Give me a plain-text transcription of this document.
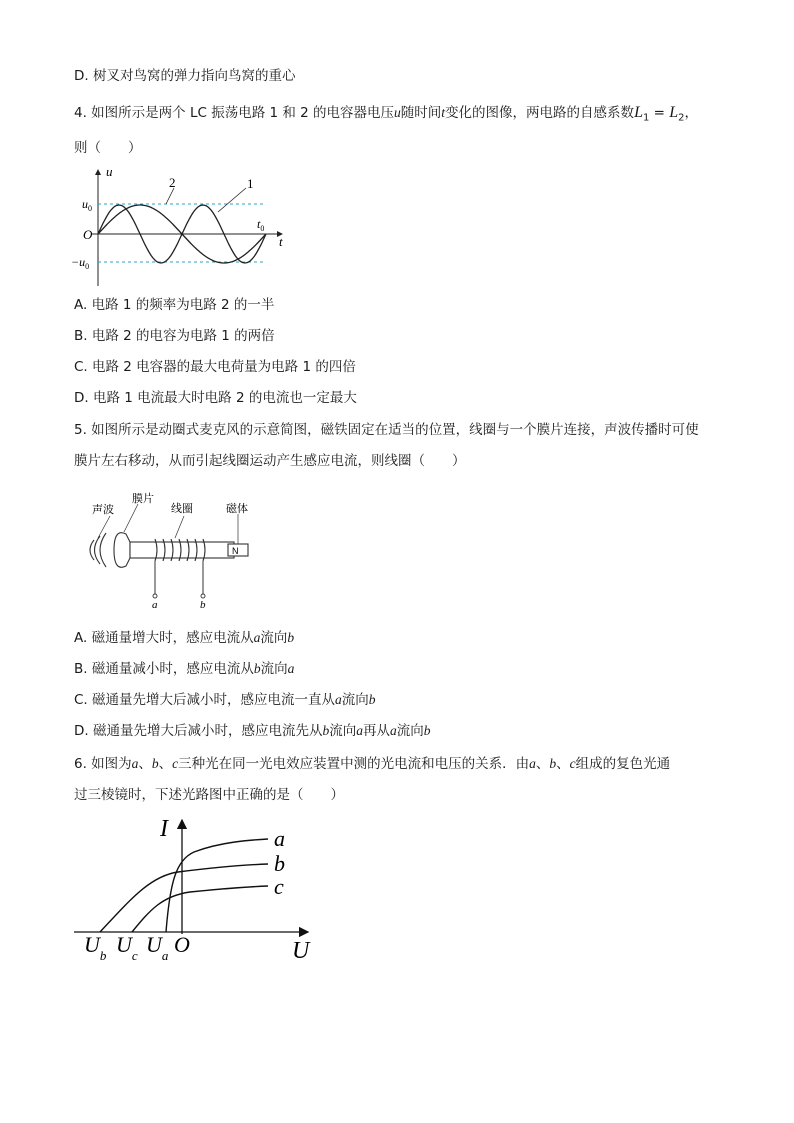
D. 树叉对鸟窝的弹力指向鸟窝的重心
4. 如图所示是两个 LC 振荡电路 1 和 2 的电容器电压u随时间t变化的图像，两电路的自感系数$L_1 = L_2$，
则（　　）
u
t
O
$u_0$
$-u_0$
$t_0$
1
2
A. 电路 1 的频率为电路 2 的一半
B. 电路 2 的电容为电路 1 的两倍
C. 电路 2 电容器的最大电荷量为电路 1 的四倍
D. 电路 1 电流最大时电路 2 的电流也一定最大
5. 如图所示是动圈式麦克风的示意简图，磁铁固定在适当的位置，线圈与一个膜片连接，声波传播时可使
膜片左右移动，从而引起线圈运动产生感应电流，则线圈（　　）
声波
膜片
线圈	磁体
N
a	b
A. 磁通量增大时，感应电流从a流向b
B. 磁通量减小时，感应电流从b流向a
C. 磁通量先增大后减小时，感应电流一直从a流向b
D. 磁通量先增大后减小时，感应电流先从b流向a再从a流向b
6. 如图为a、b、c三种光在同一光电效应装置中测的光电流和电压的关系．由a、b、c组成的复色光通
过三棱镜时，下述光路图中正确的是（　　）
I
U
O
$U_b$ $U_c$ $U_a$
a
b
c
